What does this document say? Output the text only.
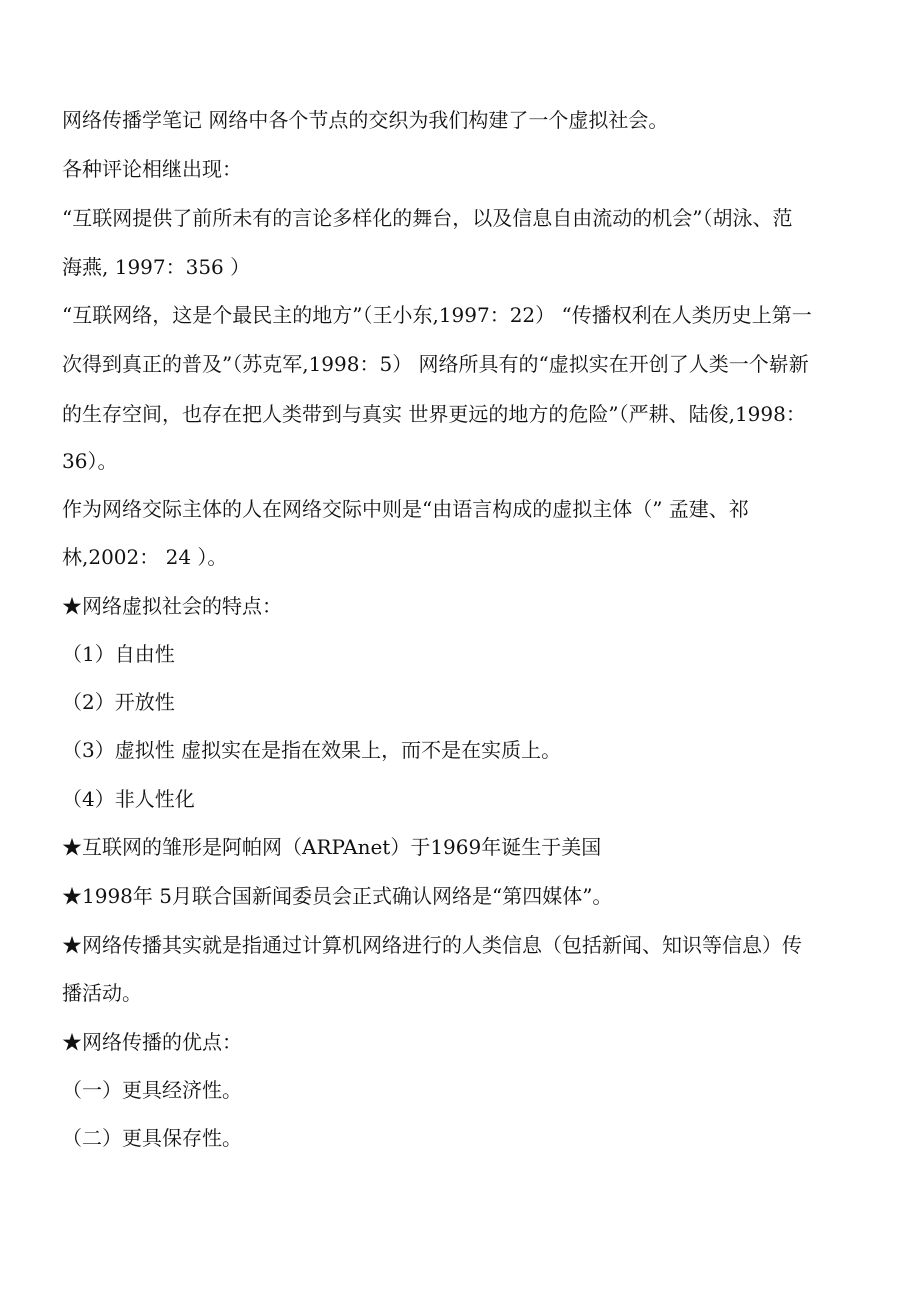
网络传播学笔记 网络中各个节点的交织为我们构建了一个虚拟社会。
各种评论相继出现：
“互联网提供了前所未有的言论多样化的舞台，以及信息自由流动的机会”（胡泳、范
海燕, 1997：356 ）
“互联网络，这是个最民主的地方”（王小东,1997：22） “传播权利在人类历史上第一
次得到真正的普及”（苏克军,1998：5） 网络所具有的“虚拟实在开创了人类一个崭新
的生存空间，也存在把人类带到与真实 世界更远的地方的危险”（严耕、陆俊,1998：
36）。
作为网络交际主体的人在网络交际中则是“由语言构成的虚拟主体（” 孟建、祁
林,2002： 24 ）。
★网络虚拟社会的特点：
（1）自由性
（2）开放性
（3）虚拟性 虚拟实在是指在效果上，而不是在实质上。
（4）非人性化
★互联网的雏形是阿帕网（ARPAnet）于1969年诞生于美国
★1998年 5月联合国新闻委员会正式确认网络是“第四媒体”。
★网络传播其实就是指通过计算机网络进行的人类信息（包括新闻、知识等信息）传
播活动。
★网络传播的优点：
（一）更具经济性。
（二）更具保存性。
